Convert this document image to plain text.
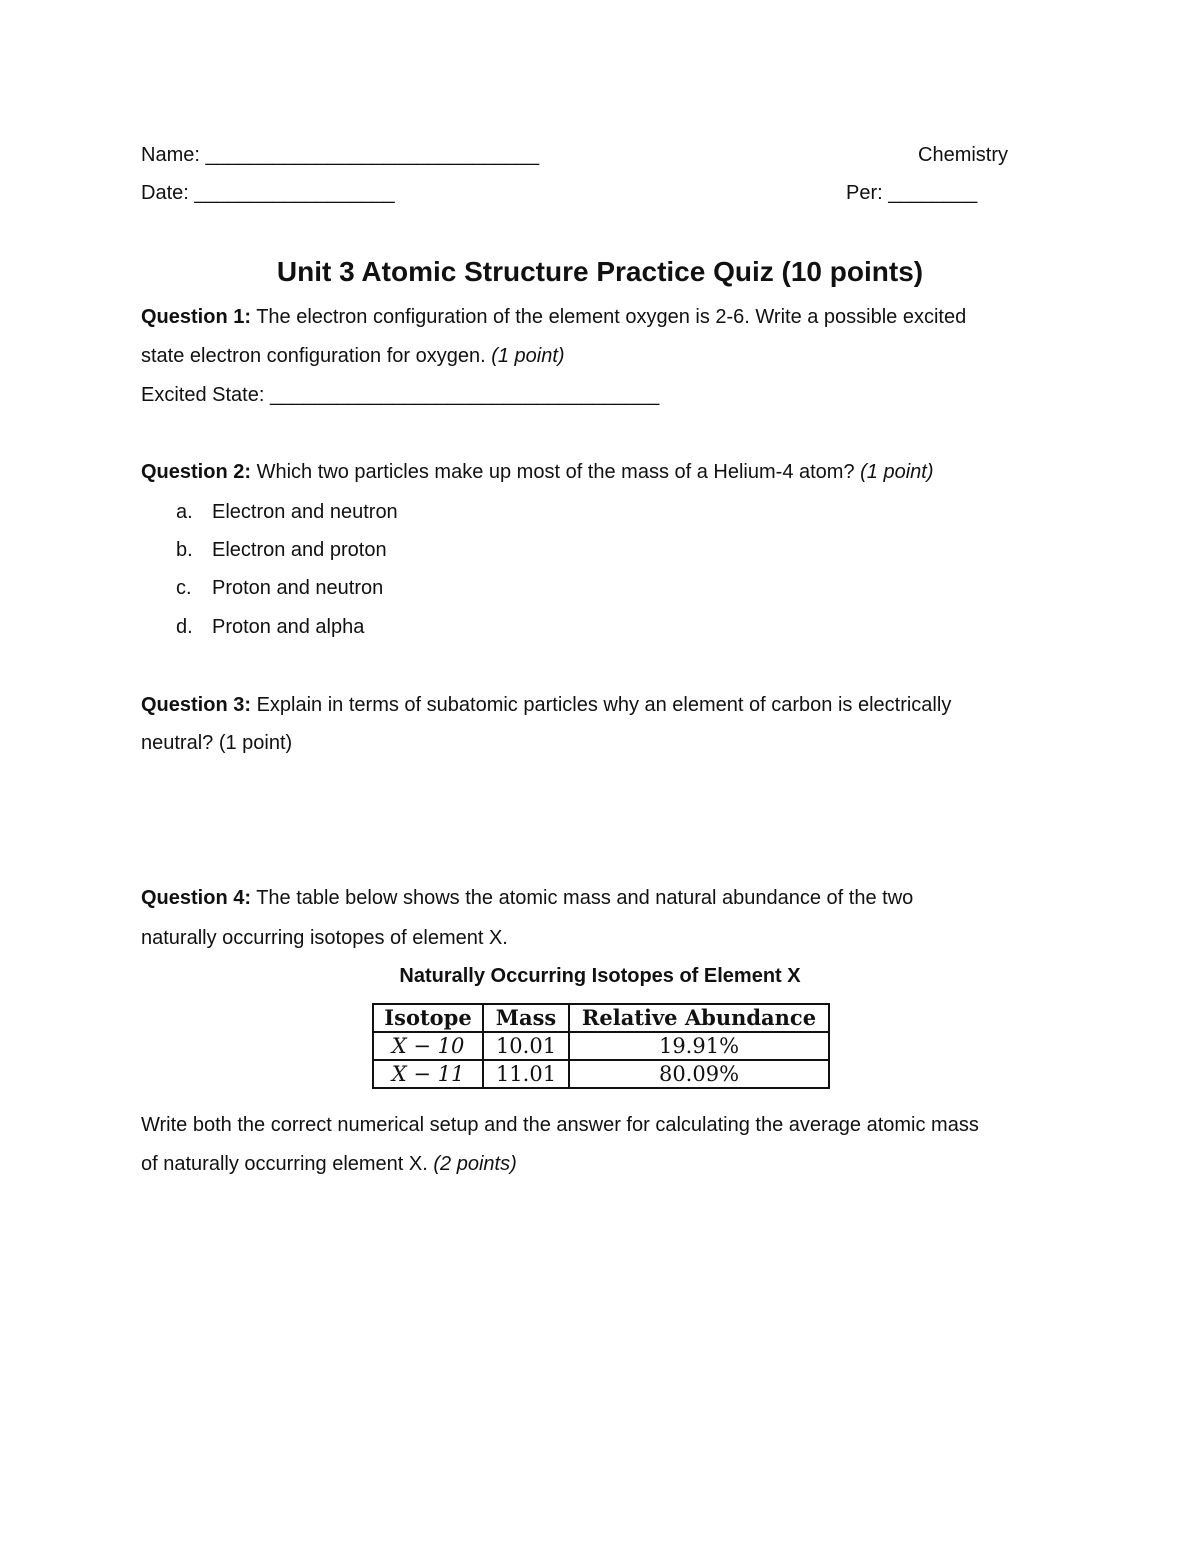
Name: ______________________________	Chemistry
Date: __________________	Per: ________
Unit 3 Atomic Structure Practice Quiz (10 points)
Question 1: The electron configuration of the element oxygen is 2-6. Write a possible excited
state electron configuration for oxygen. (1 point)
Excited State: ___________________________________
Question 2: Which two particles make up most of the mass of a Helium-4 atom? (1 point)
a. Electron and neutron
b. Electron and proton
c. Proton and neutron
d. Proton and alpha
Question 3: Explain in terms of subatomic particles why an element of carbon is electrically
neutral? (1 point)
Question 4: The table below shows the atomic mass and natural abundance of the two
naturally occurring isotopes of element X.
Naturally Occurring Isotopes of Element X
Isotope	Mass	Relative Abundance
X − 10	10.01	19.91%
X − 11	11.01	80.09%
Write both the correct numerical setup and the answer for calculating the average atomic mass
of naturally occurring element X. (2 points)
